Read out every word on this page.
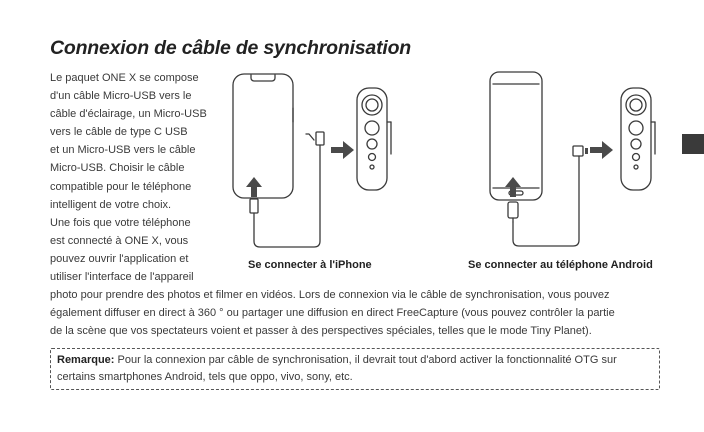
Connexion de câble de synchronisation
Le paquet ONE X se compose
d'un câble Micro-USB vers le
câble d'éclairage, un Micro-USB
vers le câble de type C USB
et un Micro-USB vers le câble
Micro-USB. Choisir le câble
compatible pour le téléphone
intelligent de votre choix.
Une fois que votre téléphone
est connecté à ONE X, vous
pouvez ouvrir l'application et
utiliser l'interface de l'appareil
Se connecter à l'iPhone	Se connecter au téléphone Android
photo pour prendre des photos et filmer en vidéos. Lors de connexion via le câble de synchronisation, vous pouvez
également diffuser en direct à 360 ° ou partager une diffusion en direct FreeCapture (vous pouvez contrôler la partie
de la scène que vos spectateurs voient et passer à des perspectives spéciales, telles que le mode Tiny Planet).
Remarque: Pour la connexion par câble de synchronisation, il devrait tout d'abord activer la fonctionnalité OTG sur
certains smartphones Android, tels que oppo, vivo, sony, etc.
